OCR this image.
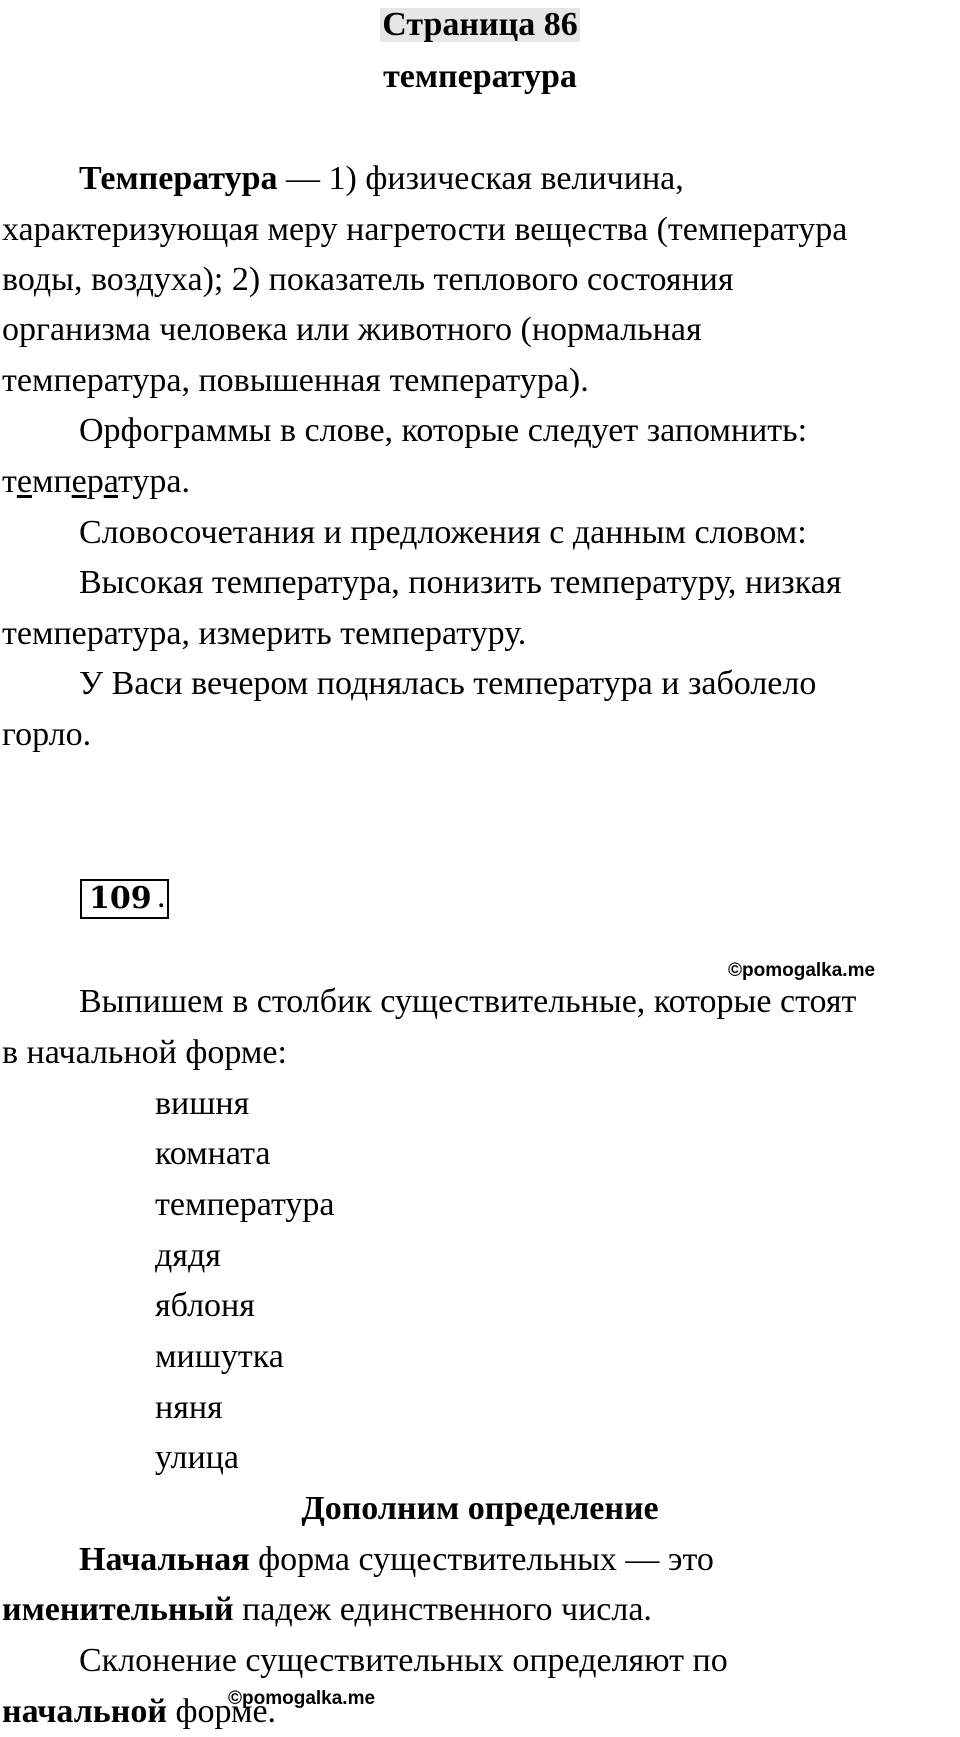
Страница 86
температура
Температура — 1) физическая величина,
характеризующая меру нагретости вещества (температура
воды, воздуха); 2) показатель теплового состояния
организма человека или животного (нормальная
температура, повышенная температура).
Орфограммы в слове, которые следует запомнить:
температура.
Словосочетания и предложения с данным словом:
Высокая температура, понизить температуру, низкая
температура, измерить температуру.
У Васи вечером поднялась температура и заболело
горло.
109 .
©pomogalka.me
Выпишем в столбик существительные, которые стоят
в начальной форме:
вишня
комната
температура
дядя
яблоня
мишутка
няня
улица
Дополним определение
Начальная форма существительных — это
именительный падеж единственного числа.
Склонение существительных определяют по
начальной форме.
©pomogalka.me
